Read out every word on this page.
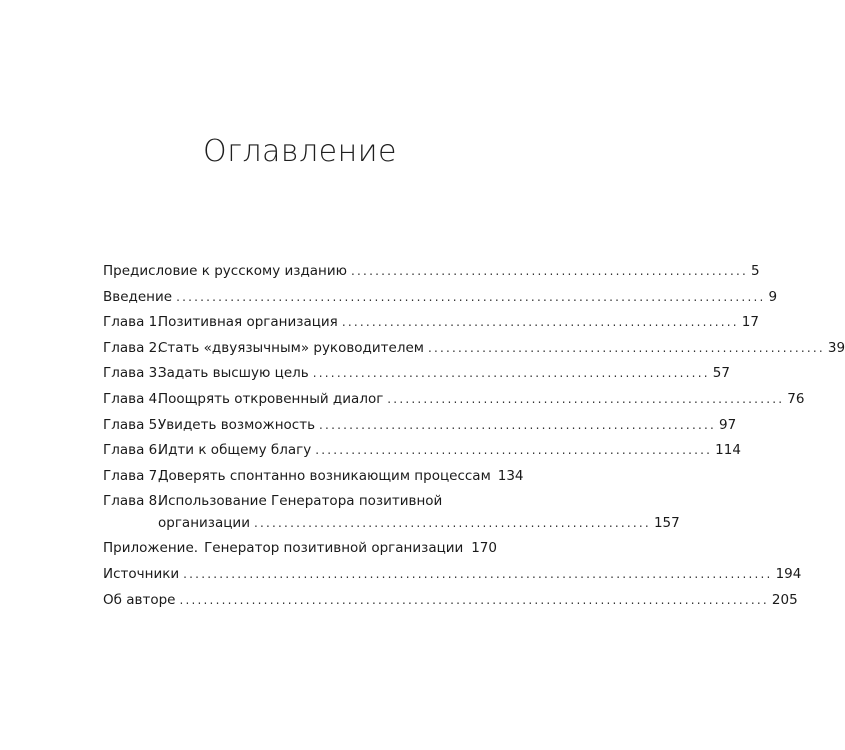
Оглавление
Предисловие к русскому изданию .................................................................. 5
Введение .................................................................................................. 9
Глава 1.
Позитивная организация .................................................................. 17
Глава 2.
Стать «двуязычным» руководителем .................................................................. 39
Глава 3.
Задать высшую цель .................................................................. 57
Глава 4.
Поощрять откровенный диалог .................................................................. 76
Глава 5.
Увидеть возможность .................................................................. 97
Глава 6.
Идти к общему благу .................................................................. 114
Глава 7.
Доверять спонтанно возникающим процессам 134
Глава 8.
Использование Генератора позитивной
организации .................................................................. 157
Приложение. Генератор позитивной организации 170
Источники .................................................................................................. 194
Об авторе .................................................................................................. 205
